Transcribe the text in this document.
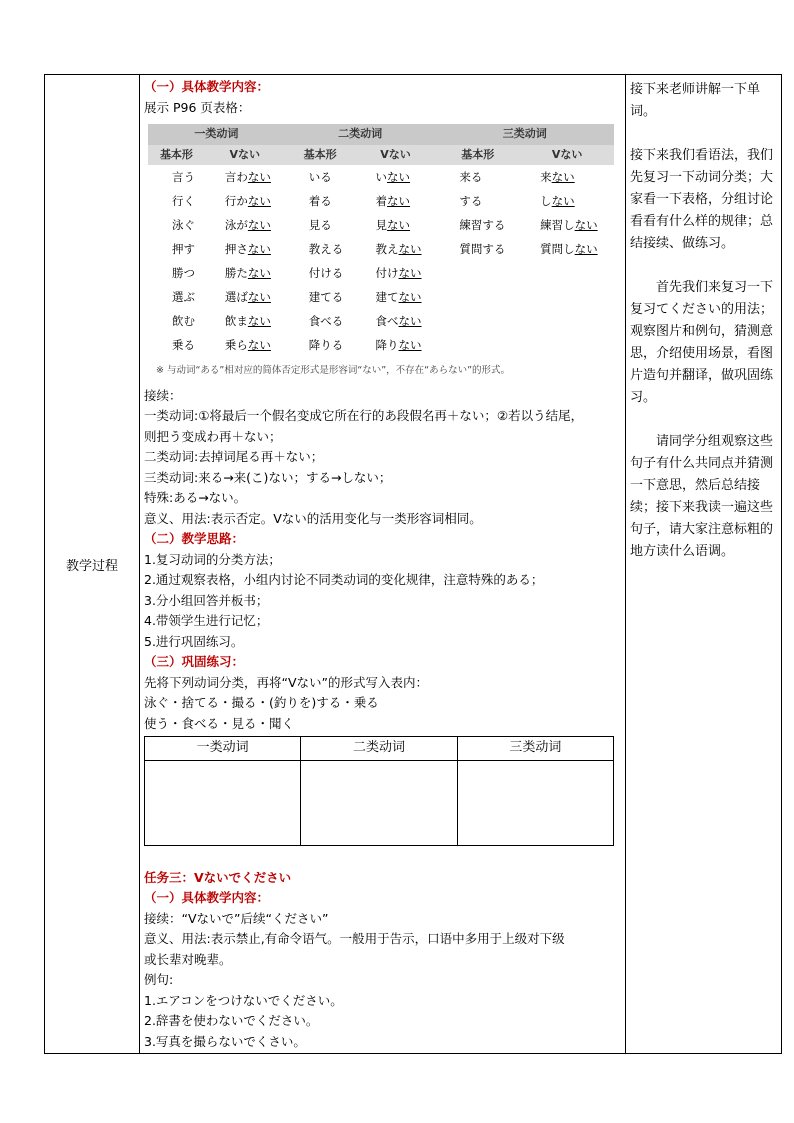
教学过程
（一）具体教学内容：
展示 P96 页表格：
一类动词		二类动词		三类动词	
基本形	Vない	基本形	Vない	基本形	Vない
言う	言わない	いる	いない	来る	来ない
行く	行かない	着る	着ない	する	しない
泳ぐ	泳がない	見る	見ない	練習する	練習しない
押す	押さない	教える	教えない	質問する	質問しない
勝つ	勝たない	付ける	付けない		
選ぶ	選ばない	建てる	建てない		
飲む	飲まない	食べる	食べない		
乗る	乗らない	降りる	降りない		
※ 与动词“ある”相对应的简体否定形式是形容词“ない”，不存在“あらない”的形式。
接续：
一类动词:①将最后一个假名变成它所在行的あ段假名再＋ない；②若以う结尾，
则把う变成わ再＋ない；
二类动词:去掉词尾る再＋ない；
三类动词:来る→来(こ)ない；する→しない；
特殊:ある→ない。
意义、用法:表示否定。Vない的活用变化与一类形容词相同。
（二）教学思路：
1.复习动词的分类方法；
2.通过观察表格，小组内讨论不同类动词的变化规律，注意特殊的ある；
3.分小组回答并板书；
4.带领学生进行记忆；
5.进行巩固练习。
（三）巩固练习：
先将下列动词分类，再将“Vない”的形式写入表内：
泳ぐ・捨てる・撮る・(釣りを)する・乗る
使う・食べる・見る・聞く
一类动词	二类动词	三类动词

任务三：Vないでください
（一）具体教学内容：
接续：“Vないで”后续“ください”
意义、用法:表示禁止,有命令语气。一般用于告示，口语中多用于上级对下级
或长辈对晚辈。
例句:
1.エアコンをつけないでください。
2.辞書を使わないでください。
3.写真を撮らないでくさい。

接下来老师讲解一下单词。

接下来我们看语法，我们先复习一下动词分类；大家看一下表格，分组讨论看看有什么样的规律；总结接续、做练习。

首先我们来复习一下复习てください的用法；观察图片和例句，猜测意思，介绍使用场景，看图片造句并翻译，做巩固练习。

请同学分组观察这些句子有什么共同点并猜测一下意思，然后总结接续；接下来我读一遍这些句子，请大家注意标粗的地方读什么语调。
